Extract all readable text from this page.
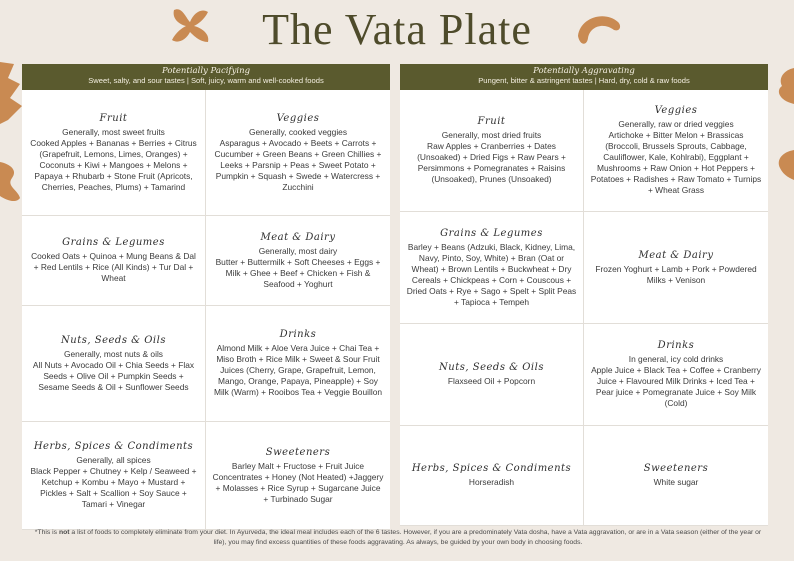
The Vata Plate
Potentially Pacifying
Sweet, salty, and sour tastes | Soft, juicy, warm and well-cooked foods
Fruit
Generally, most sweet fruits
Cooked Apples + Bananas + Berries + Citrus (Grapefruit, Lemons, Limes, Oranges) + Coconuts + Kiwi + Mangoes + Melons + Papaya + Rhubarb + Stone Fruit (Apricots, Cherries, Peaches, Plums) + Tamarind
Veggies
Generally, cooked veggies
Asparagus + Avocado + Beets + Carrots + Cucumber + Green Beans + Green Chillies + Leeks + Parsnip + Peas + Sweet Potato + Pumpkin + Squash + Swede + Watercress + Zucchini
Grains & Legumes
Cooked Oats + Quinoa + Mung Beans & Dal + Red Lentils + Rice (All Kinds) + Tur Dal + Wheat
Meat & Dairy
Generally, most dairy
Butter + Buttermilk + Soft Cheeses + Eggs + Milk + Ghee + Beef + Chicken + Fish & Seafood + Yoghurt
Nuts, Seeds & Oils
Generally, most nuts & oils
All Nuts + Avocado Oil + Chia Seeds + Flax Seeds + Olive Oil + Pumpkin Seeds + Sesame Seeds & Oil + Sunflower Seeds
Drinks
Almond Milk + Aloe Vera Juice + Chai Tea + Miso Broth + Rice Milk + Sweet & Sour Fruit Juices (Cherry, Grape, Grapefruit, Lemon, Mango, Orange, Papaya, Pineapple) + Soy Milk (Warm) + Rooibos Tea + Veggie Bouillon
Herbs, Spices & Condiments
Generally, all spices
Black Pepper + Chutney + Kelp / Seaweed + Ketchup + Kombu + Mayo + Mustard + Pickles + Salt + Scallion + Soy Sauce + Tamari + Vinegar
Sweeteners
Barley Malt + Fructose + Fruit Juice Concentrates + Honey (Not Heated) +Jaggery + Molasses + Rice Syrup + Sugarcane Juice + Turbinado Sugar
Potentially Aggravating
Pungent, bitter & astringent tastes | Hard, dry, cold & raw foods
Fruit
Generally, most dried fruits
Raw Apples + Cranberries + Dates (Unsoaked) + Dried Figs + Raw Pears + Persimmons + Pomegranates + Raisins (Unsoaked), Prunes (Unsoaked)
Veggies
Generally, raw or dried veggies
Artichoke + Bitter Melon + Brassicas (Broccoli, Brussels Sprouts, Cabbage, Cauliflower, Kale, Kohlrabi), Eggplant + Mushrooms + Raw Onion + Hot Peppers + Potatoes + Radishes + Raw Tomato + Turnips + Wheat Grass
Grains & Legumes
Barley + Beans (Adzuki, Black, Kidney, Lima, Navy, Pinto, Soy, White) + Bran (Oat or Wheat) + Brown Lentils + Buckwheat + Dry Cereals + Chickpeas + Corn + Couscous + Dried Oats + Rye + Sago + Spelt + Split Peas + Tapioca + Tempeh
Meat & Dairy
Frozen Yoghurt + Lamb + Pork + Powdered Milks + Venison
Nuts, Seeds & Oils
Flaxseed Oil + Popcorn
Drinks
In general, icy cold drinks
Apple Juice + Black Tea + Coffee + Cranberry Juice + Flavoured Milk Drinks + Iced Tea + Pear juice + Pomegranate Juice + Soy Milk (Cold)
Herbs, Spices & Condiments
Horseradish
Sweeteners
White sugar
*This is not a list of foods to completely eliminate from your diet. In Ayurveda, the ideal meal includes each of the 6 tastes. However, if you are a predominately Vata dosha, have a Vata aggravation, or are in a Vata season (either of the year or life), you may find excess quantities of these foods aggravating. As always, be guided by your own body in choosing foods.
